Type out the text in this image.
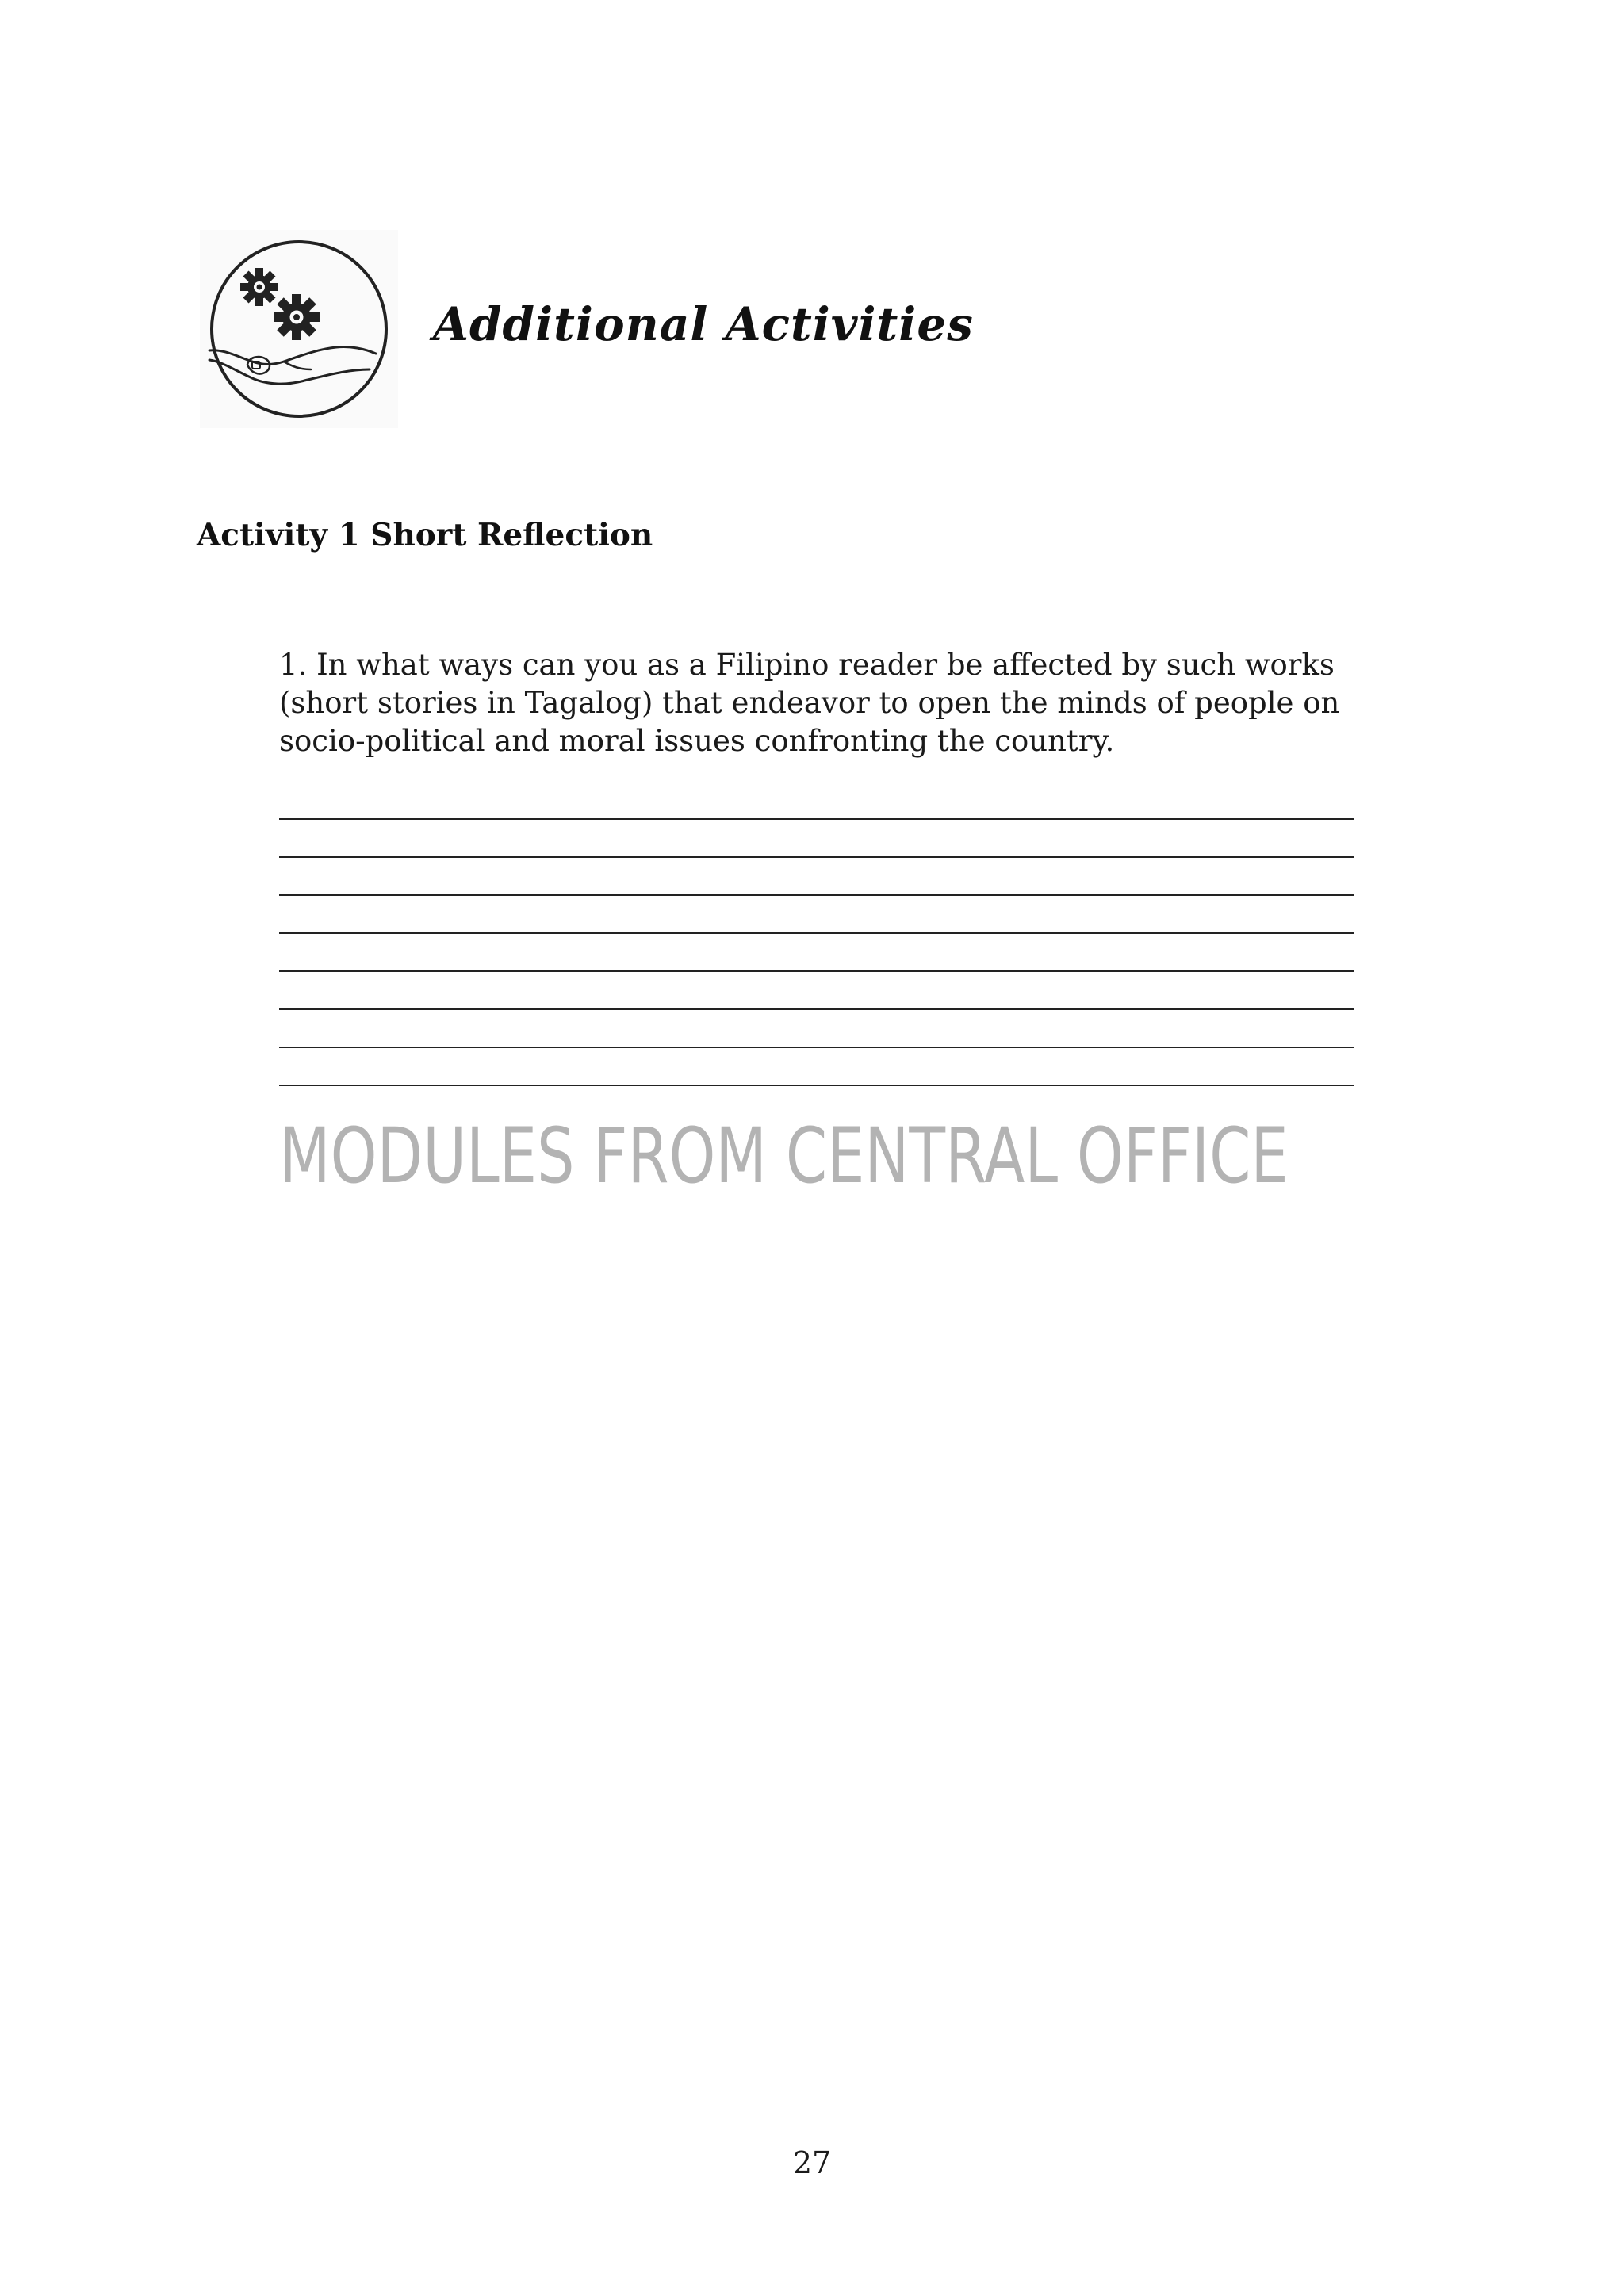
Additional Activities
Activity 1 Short Reflection

1. In what ways can you as a Filipino reader be affected by such works (short stories in Tagalog) that endeavor to open the minds of people on socio-political and moral issues confronting the country.

MODULES FROM CENTRAL OFFICE
27
